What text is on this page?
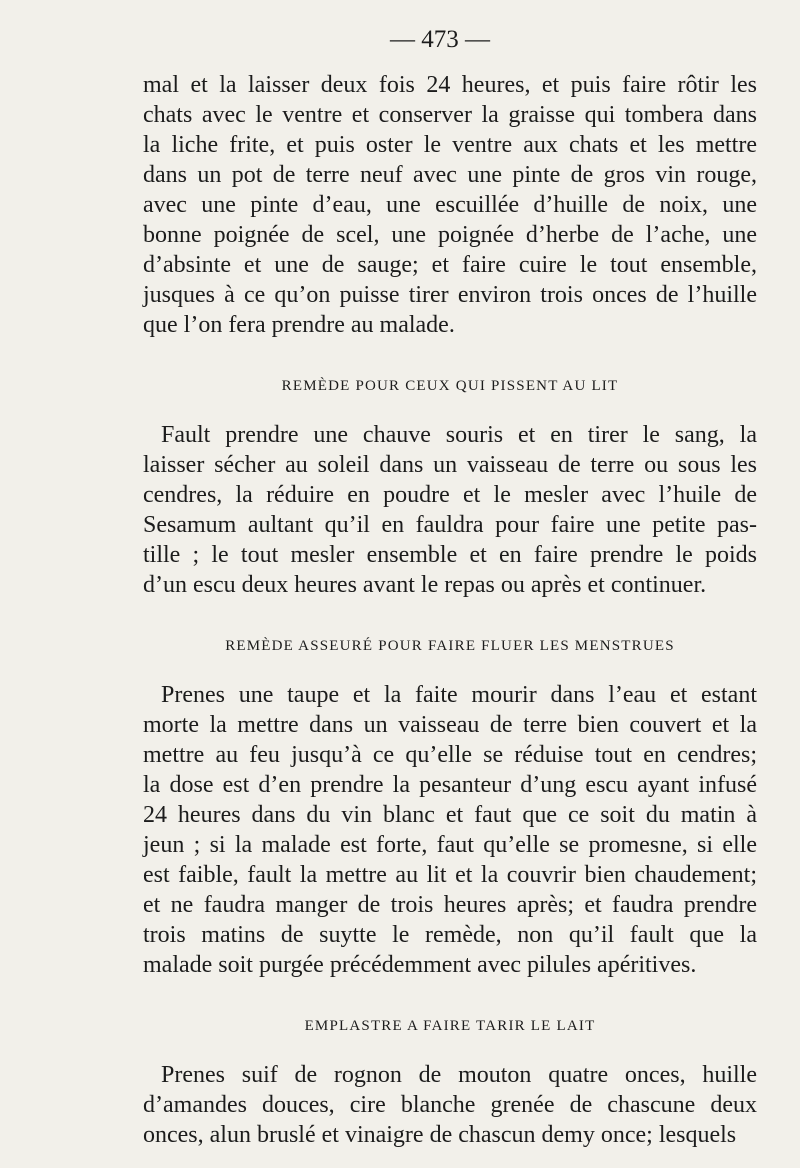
— 473 —
mal et la laisser deux fois 24 heures, et puis faire rôtir les
chats avec le ventre et conserver la graisse qui tombera dans
la liche frite, et puis oster le ventre aux chats et les mettre
dans un pot de terre neuf avec une pinte de gros vin rouge,
avec une pinte d’eau, une escuillée d’huille de noix, une
bonne poignée de scel, une poignée d’herbe de l’ache, une
d’absinte et une de sauge; et faire cuire le tout ensemble,
jusques à ce qu’on puisse tirer environ trois onces de l’huille
que l’on fera prendre au malade.
REMÈDE POUR CEUX QUI PISSENT AU LIT
Fault prendre une chauve souris et en tirer le sang, la
laisser sécher au soleil dans un vaisseau de terre ou sous les
cendres, la réduire en poudre et le mesler avec l’huile de
Sesamum aultant qu’il en fauldra pour faire une petite pas-
tille ; le tout mesler ensemble et en faire prendre le poids
d’un escu deux heures avant le repas ou après et continuer.
REMÈDE ASSEURÉ POUR FAIRE FLUER LES MENSTRUES
Prenes une taupe et la faite mourir dans l’eau et estant
morte la mettre dans un vaisseau de terre bien couvert et la
mettre au feu jusqu’à ce qu’elle se réduise tout en cendres;
la dose est d’en prendre la pesanteur d’ung escu ayant infusé
24 heures dans du vin blanc et faut que ce soit du matin à
jeun ; si la malade est forte, faut qu’elle se promesne, si elle
est faible, fault la mettre au lit et la couvrir bien chaudement;
et ne faudra manger de trois heures après; et faudra prendre
trois matins de suytte le remède, non qu’il fault que la
malade soit purgée précédemment avec pilules apéritives.
EMPLASTRE A FAIRE TARIR LE LAIT
Prenes suif de rognon de mouton quatre onces, huille
d’amandes douces, cire blanche grenée de chascune deux
onces, alun bruslé et vinaigre de chascun demy once; lesquels
